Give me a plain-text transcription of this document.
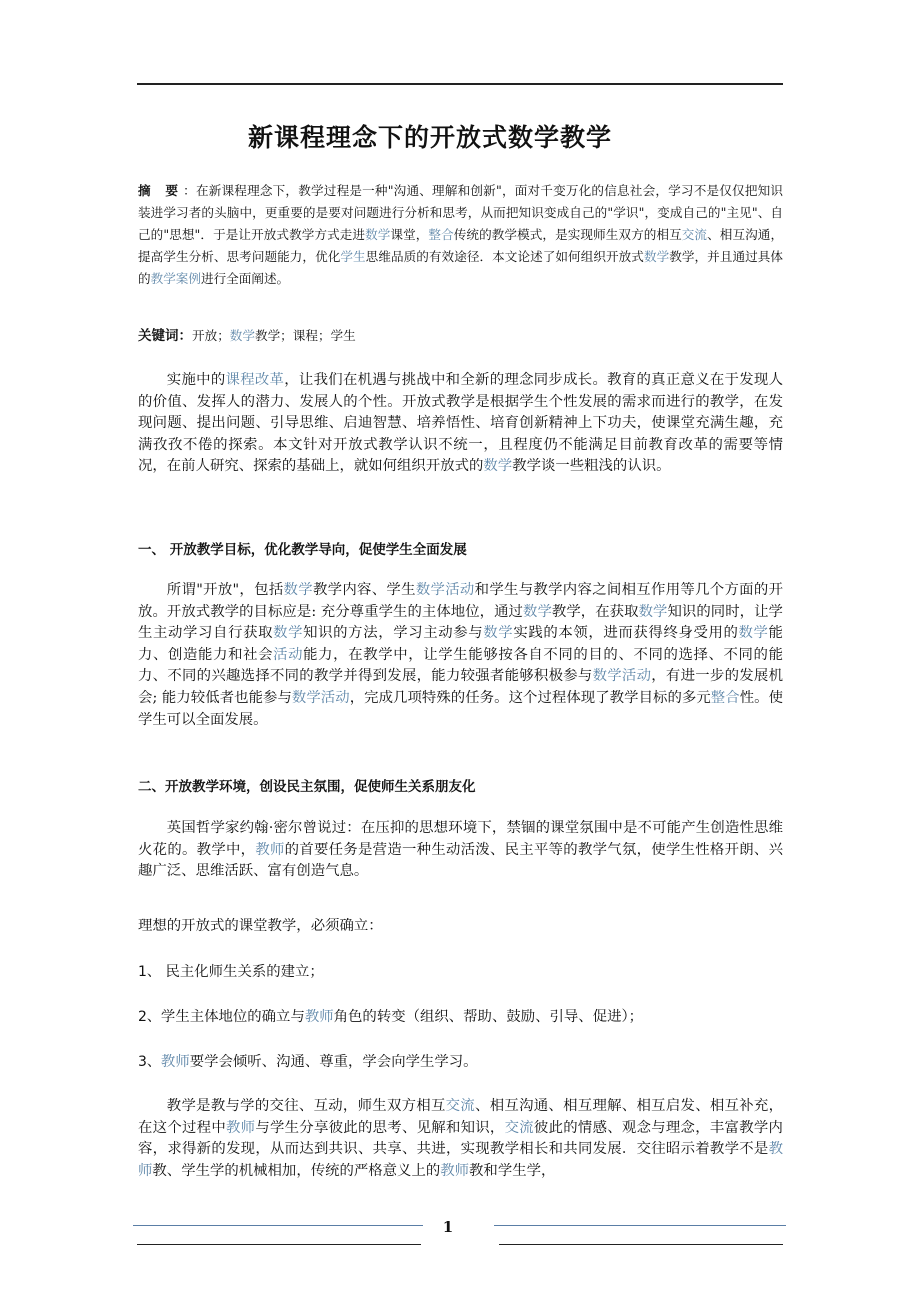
新课程理念下的开放式数学教学
摘 要：在新课程理念下，教学过程是一种"沟通、理解和创新"，面对千变万化的信息社会，学习不是仅仅把知识装进学习者的头脑中，更重要的是要对问题进行分析和思考，从而把知识变成自己的"学识"，变成自己的"主见"、自己的"思想"．于是让开放式教学方式走进数学课堂，整合传统的教学模式，是实现师生双方的相互交流、相互沟通，提高学生分析、思考问题能力，优化学生思维品质的有效途径．本文论述了如何组织开放式数学教学，并且通过具体的教学案例进行全面阐述。
关键词：开放；数学教学；课程；学生
实施中的课程改革，让我们在机遇与挑战中和全新的理念同步成长。教育的真正意义在于发现人的价值、发挥人的潜力、发展人的个性。开放式教学是根据学生个性发展的需求而进行的教学，在发现问题、提出问题、引导思维、启迪智慧、培养悟性、培育创新精神上下功夫，使课堂充满生趣，充满孜孜不倦的探索。本文针对开放式教学认识不统一，且程度仍不能满足目前教育改革的需要等情况，在前人研究、探索的基础上，就如何组织开放式的数学教学谈一些粗浅的认识。
一、 开放教学目标，优化教学导向，促使学生全面发展
所谓"开放"，包括数学教学内容、学生数学活动和学生与教学内容之间相互作用等几个方面的开放。开放式教学的目标应是: 充分尊重学生的主体地位，通过数学教学，在获取数学知识的同时，让学生主动学习自行获取数学知识的方法，学习主动参与数学实践的本领，进而获得终身受用的数学能力、创造能力和社会活动能力，在教学中，让学生能够按各自不同的目的、不同的选择、不同的能力、不同的兴趣选择不同的教学并得到发展，能力较强者能够积极参与数学活动，有进一步的发展机会; 能力较低者也能参与数学活动，完成几项特殊的任务。这个过程体现了教学目标的多元整合性。使学生可以全面发展。
二、开放教学环境，创设民主氛围，促使师生关系朋友化
英国哲学家约翰·密尔曾说过：在压抑的思想环境下，禁锢的课堂氛围中是不可能产生创造性思维火花的。教学中，教师的首要任务是营造一种生动活泼、民主平等的教学气氛，使学生性格开朗、兴趣广泛、思维活跃、富有创造气息。
理想的开放式的课堂教学，必须确立：
1、 民主化师生关系的建立；
2、学生主体地位的确立与教师角色的转变（组织、帮助、鼓励、引导、促进）；
3、教师要学会倾听、沟通、尊重，学会向学生学习。
教学是教与学的交往、互动，师生双方相互交流、相互沟通、相互理解、相互启发、相互补充，在这个过程中教师与学生分享彼此的思考、见解和知识，交流彼此的情感、观念与理念，丰富教学内容，求得新的发现，从而达到共识、共享、共进，实现教学相长和共同发展．交往昭示着教学不是教师教、学生学的机械相加，传统的严格意义上的教师教和学生学，
1
